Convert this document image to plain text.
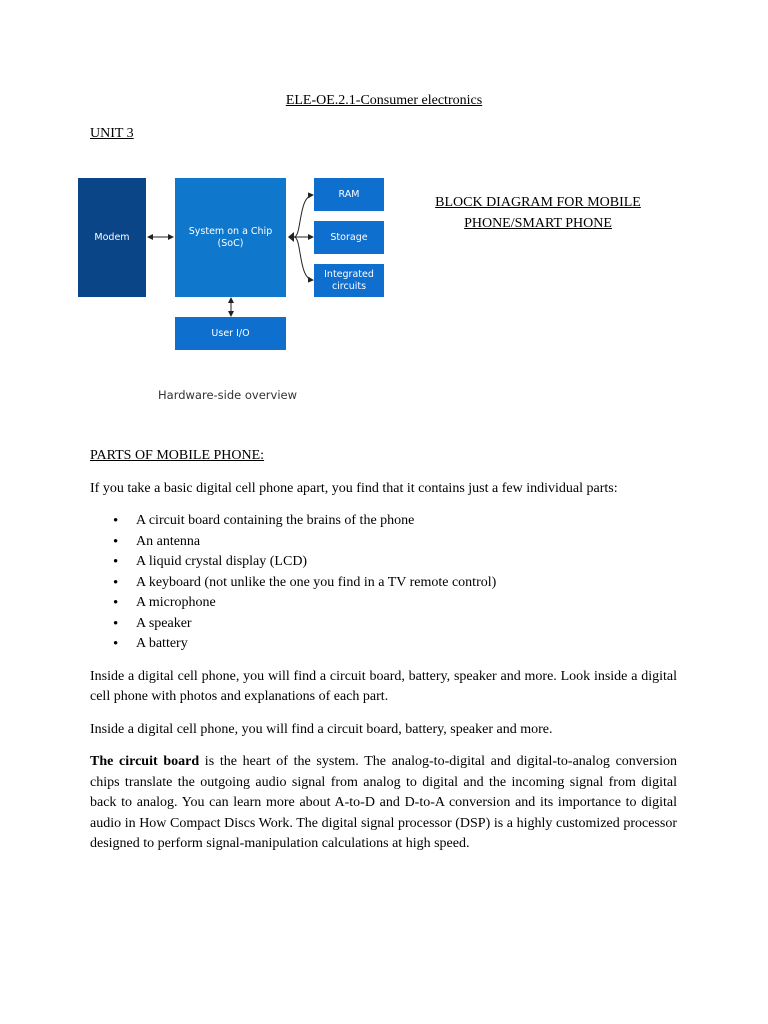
ELE-OE.2.1-Consumer electronics
UNIT 3
Modem
System on a Chip
(SoC)
RAM
Storage
Integrated
circuits
User I/O
Hardware-side overview
BLOCK DIAGRAM FOR MOBILE
PHONE/SMART PHONE

PARTS OF MOBILE PHONE:

If you take a basic digital cell phone apart, you find that it contains just a few individual parts:

• A circuit board containing the brains of the phone
• An antenna
• A liquid crystal display (LCD)
• A keyboard (not unlike the one you find in a TV remote control)
• A microphone
• A speaker
• A battery

Inside a digital cell phone, you will find a circuit board, battery, speaker and more. Look inside a digital cell phone with photos and explanations of each part.

Inside a digital cell phone, you will find a circuit board, battery, speaker and more.

The circuit board is the heart of the system. The analog-to-digital and digital-to-analog conversion chips translate the outgoing audio signal from analog to digital and the incoming signal from digital back to analog. You can learn more about A-to-D and D-to-A conversion and its importance to digital audio in How Compact Discs Work. The digital signal processor (DSP) is a highly customized processor designed to perform signal-manipulation calculations at high speed.
